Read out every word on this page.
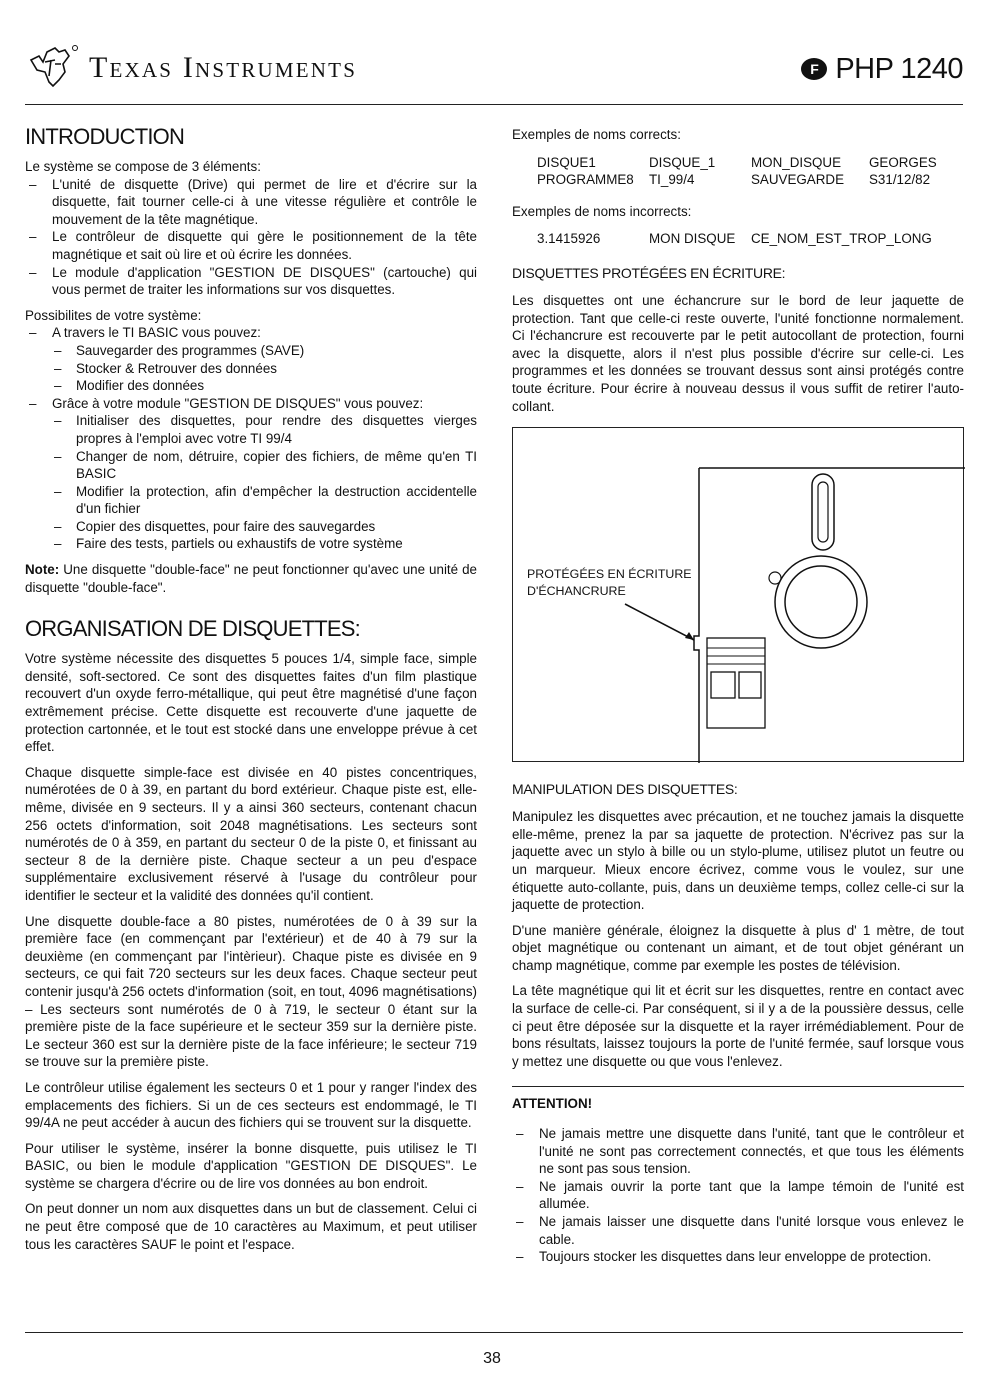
Texas Instruments	F PHP 1240
INTRODUCTION

Le système se compose de 3 éléments:

– L'unité de disquette (Drive) qui permet de lire et d'écrire sur la disquette, fait tourner celle-ci à une vitesse régulière et contrôle le mouvement de la tête magnétique.
– Le contrôleur de disquette qui gère le positionnement de la tête magnétique et sait où lire et où écrire les données.
– Le module d'application "GESTION DE DISQUES" (cartouche) qui vous permet de traiter les informations sur vos disquettes.

Possibilites de votre système:

– A travers le TI BASIC vous pouvez:
– Sauvegarder des programmes (SAVE)
– Stocker & Retrouver des données
– Modifier des données
– Grâce à votre module "GESTION DE DISQUES" vous pouvez:
– Initialiser des disquettes, pour rendre des disquettes vierges propres à l'emploi avec votre TI 99/4
– Changer de nom, détruire, copier des fichiers, de même qu'en TI BASIC
– Modifier la protection, afin d'empêcher la destruction accidentelle d'un fichier
– Copier des disquettes, pour faire des sauvegardes
– Faire des tests, partiels ou exhaustifs de votre système

Note: Une disquette "double-face" ne peut fonctionner qu'avec une unité de disquette "double-face".

ORGANISATION DE DISQUETTES:

Votre système nécessite des disquettes 5 pouces 1/4, simple face, simple densité, soft-sectored. Ce sont des disquettes faites d'un film plastique recouvert d'un oxyde ferro-métallique, qui peut être magnétisé d'une façon extrêmement précise. Cette disquette est recouverte d'une jaquette de protection cartonnée, et le tout est stocké dans une enveloppe prévue à cet effet.

Chaque disquette simple-face est divisée en 40 pistes concentriques, numérotées de 0 à 39, en partant du bord extérieur. Chaque piste est, elle-même, divisée en 9 secteurs. Il y a ainsi 360 secteurs, contenant chacun 256 octets d'information, soit 2048 magnétisations. Les secteurs sont numérotés de 0 à 359, en partant du secteur 0 de la piste 0, et finissant au secteur 8 de la dernière piste. Chaque secteur a un peu d'espace supplémentaire exclusivement réservé à l'usage du contrôleur pour identifier le secteur et la validité des données qu'il contient.

Une disquette double-face a 80 pistes, numérotées de 0 à 39 sur la première face (en commençant par l'extérieur) et de 40 à 79 sur la deuxième (en commençant par l'intèrieur). Chaque piste es divisée en 9 secteurs, ce qui fait 720 secteurs sur les deux faces. Chaque secteur peut contenir jusqu'à 256 octets d'information (soit, en tout, 4096 magnétisations) – Les secteurs sont numérotés de 0 à 719, le secteur 0 étant sur la première piste de la face supérieure et le secteur 359 sur la dernière piste. Le secteur 360 est sur la dernière piste de la face inférieure; le secteur 719 se trouve sur la première piste.

Le contrôleur utilise également les secteurs 0 et 1 pour y ranger l'index des emplacements des fichiers. Si un de ces secteurs est endommagé, le TI 99/4A ne peut accéder à aucun des fichiers qui se trouvent sur la disquette.

Pour utiliser le système, insérer la bonne disquette, puis utilisez le TI BASIC, ou bien le module d'application "GESTION DE DISQUES". Le système se chargera d'écrire ou de lire vos données au bon endroit.

On peut donner un nom aux disquettes dans un but de classement. Celui ci ne peut être composé que de 10 caractères au Maximum, et peut utiliser tous les caractères SAUF le point et l'espace.

Exemples de noms corrects:

DISQUE1	DISQUE_1	MON_DISQUE	GEORGES
PROGRAMME8	TI_99/4	SAUVEGARDE	S31/12/82

Exemples de noms incorrects:

3.1415926	MON DISQUE	CE_NOM_EST_TROP_LONG
DISQUETTES PROTÉGÉES EN ÉCRITURE:

Les disquettes ont une échancrure sur le bord de leur jaquette de protection. Tant que celle-ci reste ouverte, l'unité fonctionne normalement. Ci l'échancrure est recouverte par le petit autocollant de protection, fourni avec la disquette, alors il n'est plus possible d'écrire sur celle-ci. Les programmes et les données se trouvant dessus sont ainsi protégés contre toute écriture. Pour écrire à nouveau dessus il vous suffit de retirer l'auto-collant.

PROTÉGÉES EN ÉCRITURE
D'ÉCHANCRURE
MANIPULATION DES DISQUETTES:

Manipulez les disquettes avec précaution, et ne touchez jamais la disquette elle-même, prenez la par sa jaquette de protection. N'écrivez pas sur la jaquette avec un stylo à bille ou un stylo-plume, utilisez plutot un feutre ou un marqueur. Mieux encore écrivez, comme vous le voulez, sur une étiquette auto-collante, puis, dans un deuxième temps, collez celle-ci sur la jaquette de protection.

D'une manière générale, éloignez la disquette à plus d' 1 mètre, de tout objet magnétique ou contenant un aimant, et de tout objet générant un champ magnétique, comme par exemple les postes de télévision.

La tête magnétique qui lit et écrit sur les disquettes, rentre en contact avec la surface de celle-ci. Par conséquent, si il y a de la poussière dessus, celle ci peut être déposée sur la disquette et la rayer irrémédiablement. Pour de bons résultats, laissez toujours la porte de l'unité fermée, sauf lorsque vous y mettez une disquette ou que vous l'enlevez.

ATTENTION!
– Ne jamais mettre une disquette dans l'unité, tant que le contrôleur et l'unité ne sont pas correctement connectés, et que tous les éléments ne sont pas sous tension.
– Ne jamais ouvrir la porte tant que la lampe témoin de l'unité est allumée.
– Ne jamais laisser une disquette dans l'unité lorsque vous enlevez le cable.
– Toujours stocker les disquettes dans leur enveloppe de protection.
38
